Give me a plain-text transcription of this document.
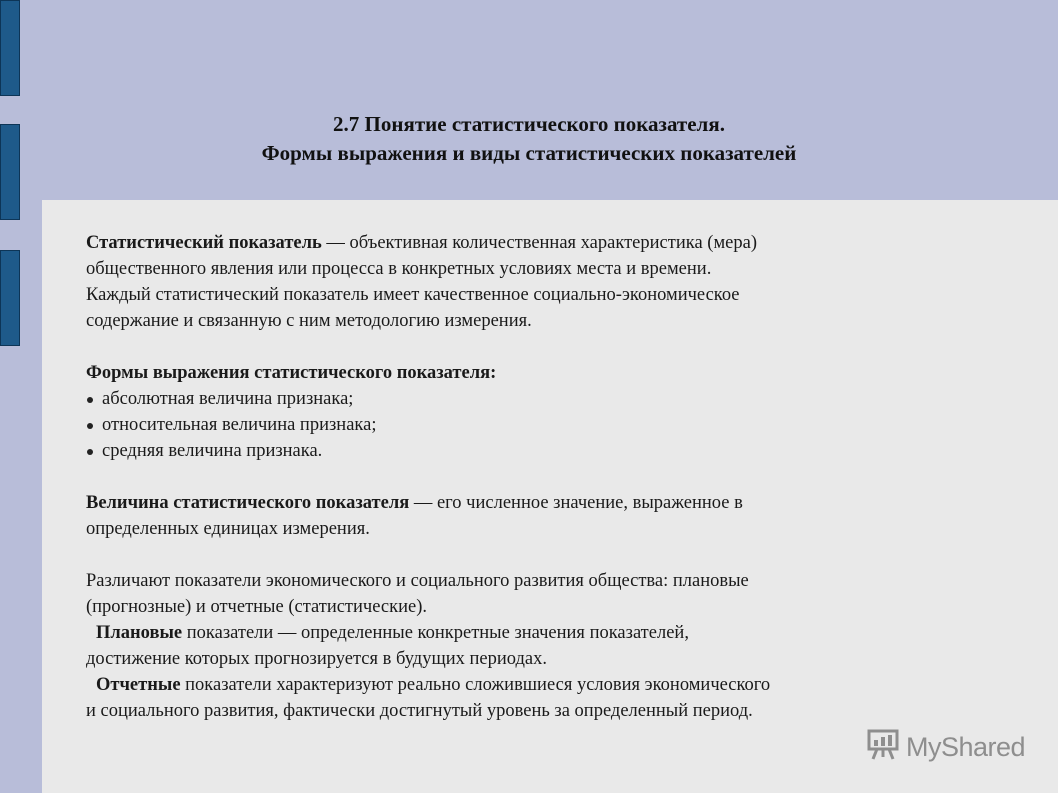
2.7 Понятие статистического показателя.
Формы выражения и виды статистических показателей

Статистический показатель — объективная количественная характеристика (мера)

общественного явления или процесса в конкретных условиях места и времени.

Каждый статистический показатель имеет качественное социально-экономическое

содержание и связанную с ним методологию измерения.

Формы выражения статистического показателя:

абсолютная величина признака;
относительная величина признака;
средняя величина признака.

Величина статистического показателя — его численное значение, выраженное в

определенных единицах измерения.

Различают показатели экономического и социального развития общества: плановые

(прогнозные) и отчетные (статистические).

Плановые показатели — определенные конкретные значения показателей,

достижение которых прогнозируется в будущих периодах.

Отчетные показатели характеризуют реально сложившиеся условия экономического

и социального развития, фактически достигнутый уровень за определенный период.

MyShared
